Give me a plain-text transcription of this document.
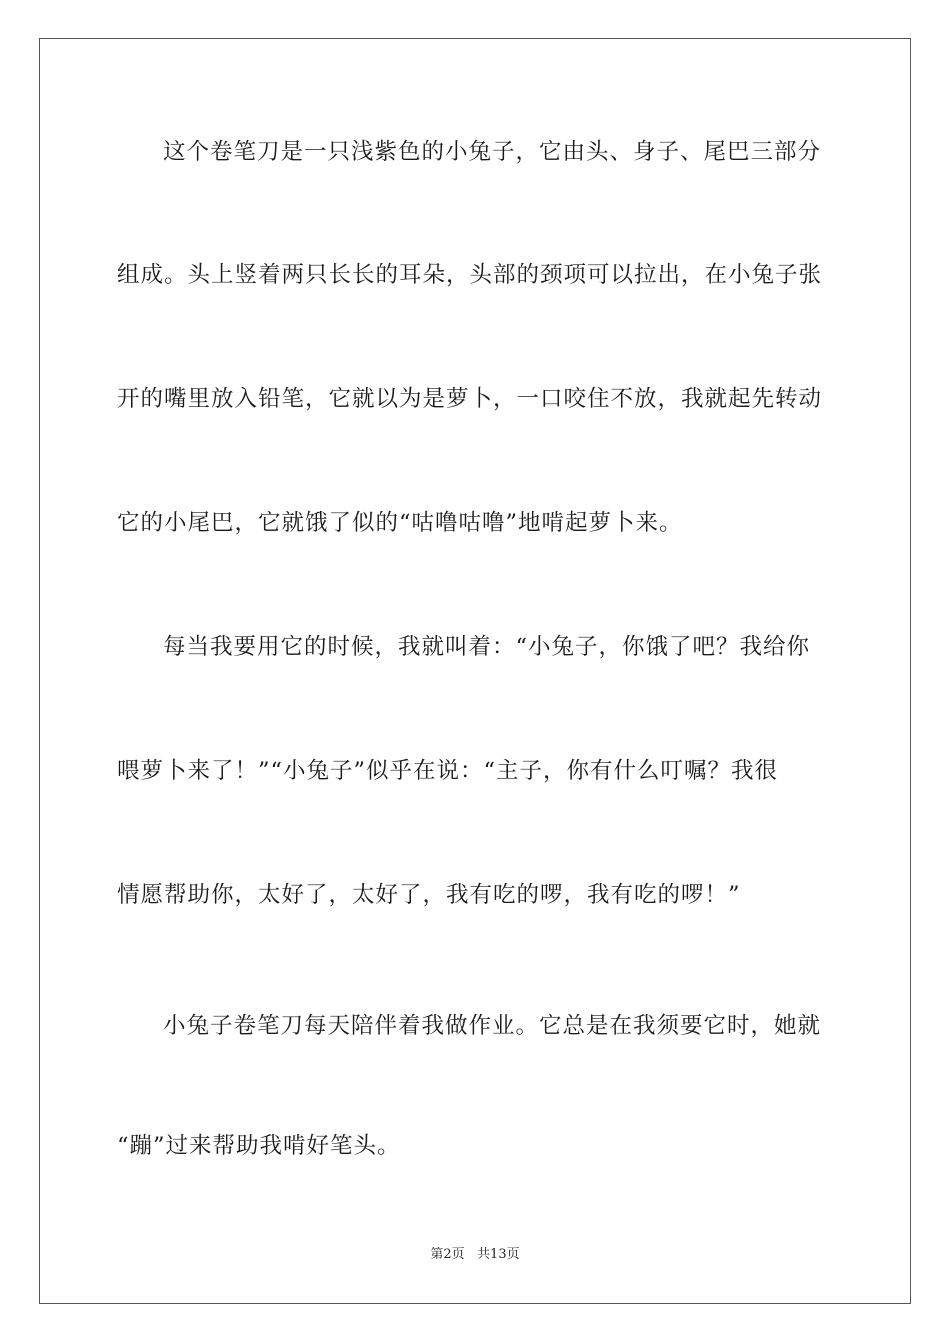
这个卷笔刀是一只浅紫色的小兔子，它由头、身子、尾巴三部分
组成。头上竖着两只长长的耳朵，头部的颈项可以拉出，在小兔子张
开的嘴里放入铅笔，它就以为是萝卜，一口咬住不放，我就起先转动
它的小尾巴，它就饿了似的“咕噜咕噜”地啃起萝卜来。
每当我要用它的时候，我就叫着：“小兔子，你饿了吧？我给你
喂萝卜来了！”“小兔子”似乎在说：“主子，你有什么叮嘱？我很
情愿帮助你，太好了，太好了，我有吃的啰，我有吃的啰！”
小兔子卷笔刀每天陪伴着我做作业。它总是在我须要它时，她就
“蹦”过来帮助我啃好笔头。
第2页   共13页
